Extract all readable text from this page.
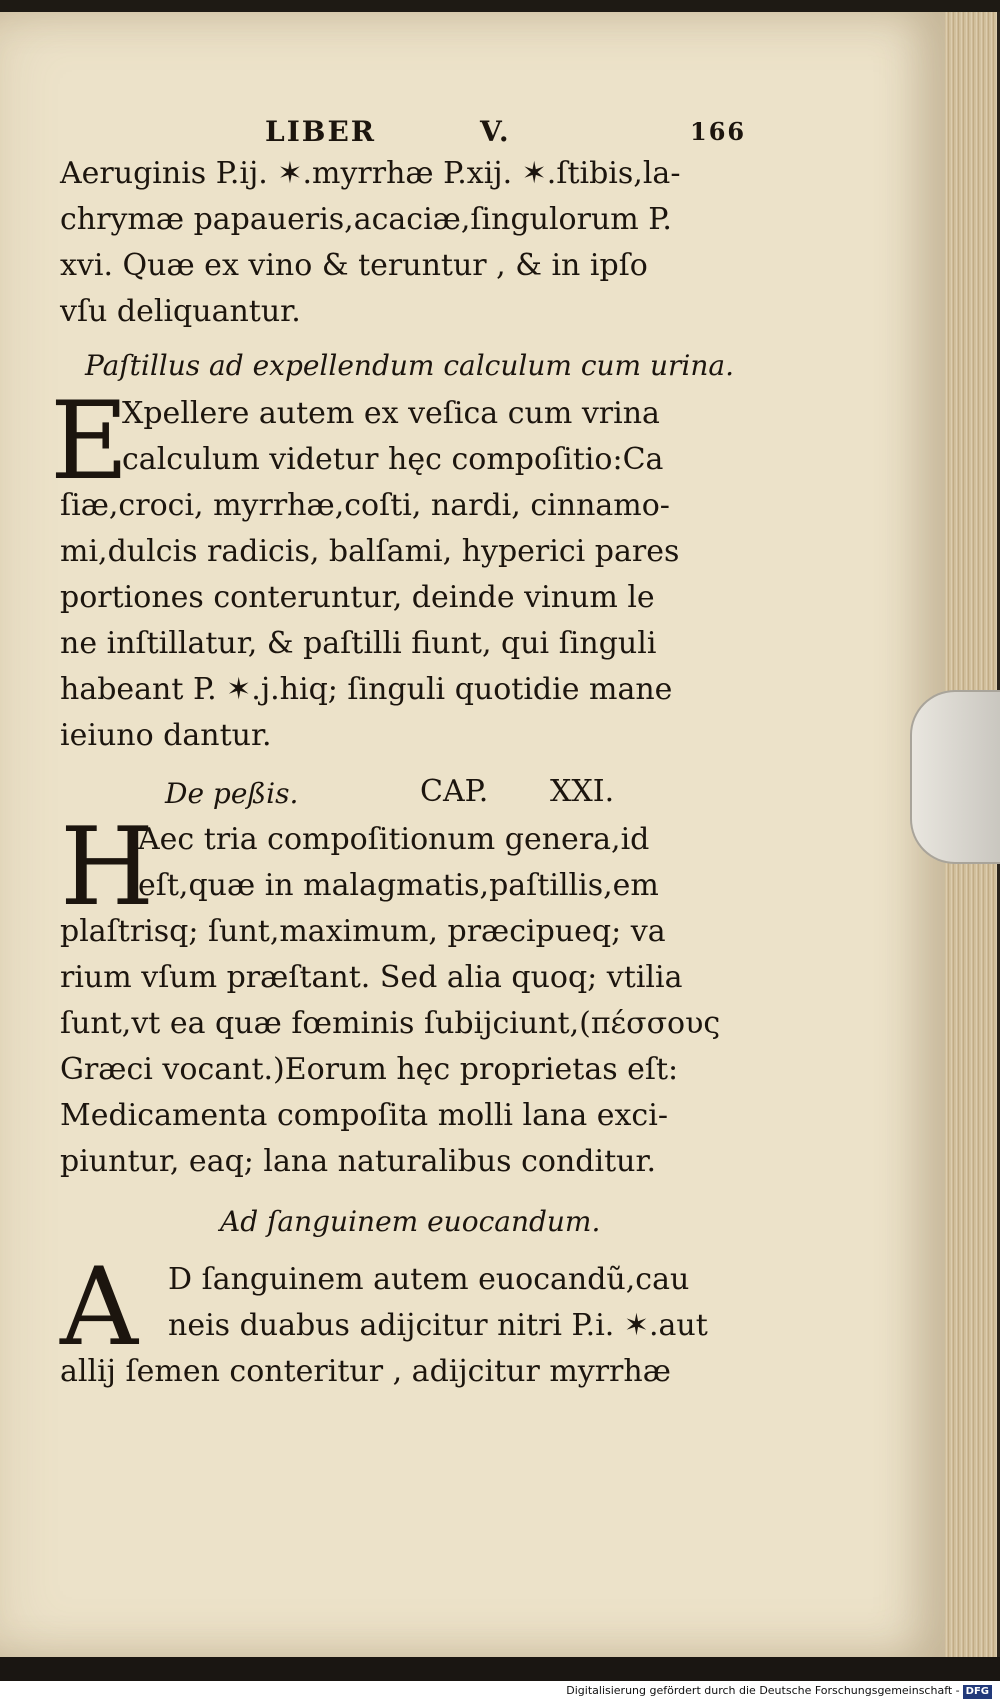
LIBER	V.	166
Aeruginis P.ij. ✶.myrrhæ P.xij. ✶.ſtibis,la-
chrymæ papaueris,acaciæ,ſingulorum P.
xvi. Quæ ex vino & teruntur , & in ipſo
vſu deliquantur.
Paſtillus ad expellendum calculum cum urina.
E
Xpellere autem ex veſica cum vrina
calculum videtur hęc compoſitio:Ca
ſiæ,croci, myrrhæ,coſti, nardi, cinnamo-
mi,dulcis radicis, balſami, hyperici pares
portiones conteruntur, deinde vinum le
ne inſtillatur, & paſtilli fiunt, qui ſinguli
habeant P. ✶.j.hiq; ſinguli quotidie mane
ieiuno dantur.
De peßis.	CAP. XXI.
H
Aec tria compoſitionum genera,id
eſt,quæ in malagmatis,paſtillis,em
plaſtrisq; ſunt,maximum, præcipueq; va
rium vſum præſtant. Sed alia quoq; vtilia
ſunt,vt ea quæ fœminis ſubijciunt,(πέσσους
Græci vocant.)Eorum hęc proprietas eſt:
Medicamenta compoſita molli lana exci-
piuntur, eaq; lana naturalibus conditur.
Ad ſanguinem euocandum.
A D ſanguinem autem euocandũ,cau
neis duabus adijcitur nitri P.i. ✶.aut
allij ſemen conteritur , adijcitur myrrhæ
Digitalisierung gefördert durch die Deutsche Forschungsgemeinschaft - DFG
